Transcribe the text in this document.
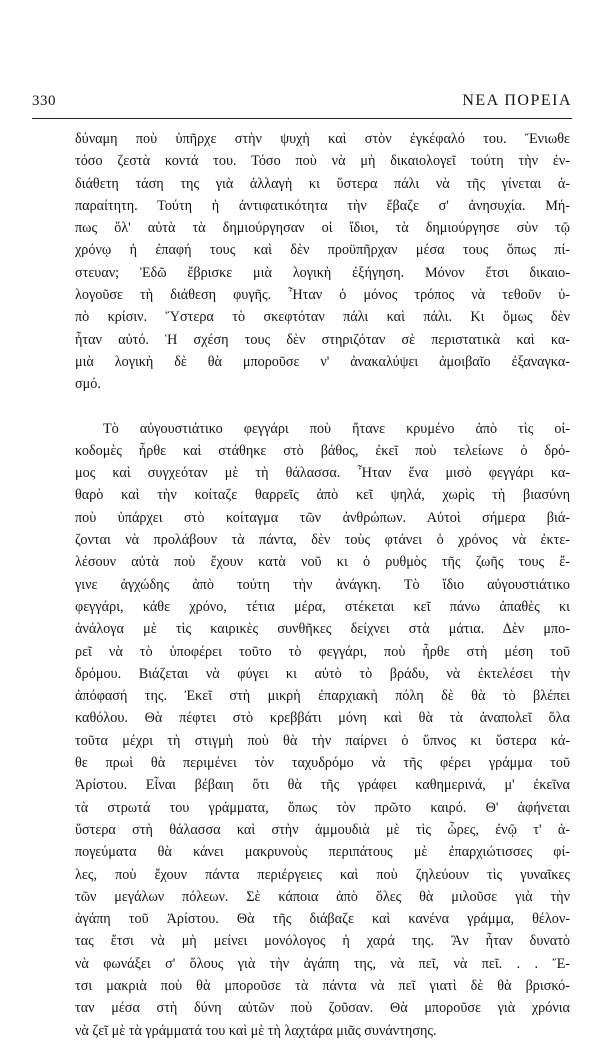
330	ΝΕΑ ΠΟΡΕΙΑ
δύναμη ποὺ ὑπῆρχε στὴν ψυχὴ καὶ στὸν ἐγκέφαλό του. Ἔνιωθε
τόσο ζεστὰ κοντά του. Τόσο ποὺ νὰ μὴ δικαιολογεῖ τούτη τὴν ἐν-
διάθετη τάση της γιὰ ἀλλαγὴ κι ὕστερα πάλι νὰ τῆς γίνεται ἀ-
παραίτητη. Τούτη ἡ ἀντιφατικότητα τὴν ἔβαζε σ' ἀνησυχία. Μή-
πως ὅλ' αὐτὰ τὰ δημιούργησαν οἱ ἴδιοι, τὰ δημιούργησε σὺν τῷ
χρόνῳ ἡ ἐπαφή τους καὶ δὲν προϋπῆρχαν μέσα τους ὅπως πί-
στευαν; Ἐδῶ ἔβρισκε μιὰ λογικὴ ἐξήγηση. Μόνον ἔτσι δικαιο-
λογοῦσε τὴ διάθεση φυγῆς. Ἦταν ὁ μόνος τρόπος νὰ τεθοῦν ὑ-
πὸ κρίσιν. Ὕστερα τὸ σκεφτόταν πάλι καὶ πάλι. Κι ὅμως δὲν
ἦταν αὐτό. Ἡ σχέση τους δὲν στηριζόταν σὲ περιστατικὰ καὶ κα-
μιὰ λογικὴ δὲ θὰ μποροῦσε ν' ἀνακαλύψει ἀμοιβαῖο ἐξαναγκα-
σμό.
Τὸ αὐγουστιάτικο φεγγάρι ποὺ ἤτανε κρυμένο ἀπὸ τὶς οἰ-
κοδομὲς ἦρθε καὶ στάθηκε στὸ βάθος, ἐκεῖ ποὺ τελείωνε ὁ δρό-
μος καὶ συγχεόταν μὲ τὴ θάλασσα. Ἦταν ἕνα μισὸ φεγγάρι κα-
θαρὸ καὶ τὴν κοίταζε θαρρεῖς ἀπὸ κεῖ ψηλά, χωρὶς τὴ βιασύνη
ποὺ ὑπάρχει στὸ κοίταγμα τῶν ἀνθρώπων. Αὐτοὶ σήμερα βιά-
ζονται νὰ προλάβουν τὰ πάντα, δὲν τοὺς φτάνει ὁ χρόνος νὰ ἐκτε-
λέσουν αὐτὰ ποὺ ἔχουν κατὰ νοῦ κι ὁ ρυθμὸς τῆς ζωῆς τους ἔ-
γινε ἀγχώδης ἀπὸ τούτη τὴν ἀνάγκη. Τὸ ἴδιο αὐγουστιάτικο
φεγγάρι, κάθε χρόνο, τέτια μέρα, στέκεται κεῖ πάνω ἀπαθὲς κι
ἀνάλογα μὲ τὶς καιρικὲς συνθῆκες δείχνει στὰ μάτια. Δὲν μπο-
ρεῖ νὰ τὸ ὑποφέρει τοῦτο τὸ φεγγάρι, ποὺ ἦρθε στὴ μέση τοῦ
δρόμου. Βιάζεται νὰ φύγει κι αὐτὸ τὸ βράδυ, νὰ ἐκτελέσει τὴν
ἀπόφασή της. Ἐκεῖ στὴ μικρὴ ἐπαρχιακὴ πόλη δὲ θὰ τὸ βλέπει
καθόλου. Θὰ πέφτει στὸ κρεββάτι μόνη καὶ θὰ τὰ ἀναπολεῖ ὅλα
τοῦτα μέχρι τὴ στιγμὴ ποὺ θὰ τὴν παίρνει ὁ ὕπνος κι ὕστερα κά-
θε πρωὶ θὰ περιμένει τὸν ταχυδρόμο νὰ τῆς φέρει γράμμα τοῦ
Ἀρίστου. Εἶναι βέβαιη ὅτι θὰ τῆς γράφει καθημερινά, μ' ἐκεῖνα
τὰ στρωτά του γράμματα, ὅπως τὸν πρῶτο καιρό. Θ' ἀφήνεται
ὕστερα στὴ θάλασσα καὶ στὴν ἀμμουδιὰ μὲ τὶς ὧρες, ἐνῷ τ' ἀ-
πογεύματα θὰ κάνει μακρυνοὺς περιπάτους μὲ ἐπαρχιώτισσες φί-
λες, ποὺ ἔχουν πάντα περιέργειες καὶ ποὺ ζηλεύουν τὶς γυναῖκες
τῶν μεγάλων πόλεων. Σὲ κάποια ἀπὸ ὅλες θὰ μιλοῦσε γιὰ τὴν
ἀγάπη τοῦ Ἀρίστου. Θὰ τῆς διάβαζε καὶ κανένα γράμμα, θέλον-
τας ἔτσι νὰ μὴ μείνει μονόλογος ἡ χαρά της. Ἂν ἦταν δυνατὸ
νὰ φωνάξει σ' ὅλους γιὰ τὴν ἀγάπη της, νὰ πεῖ, νὰ πεῖ. . . Ἔ-
τσι μακριὰ ποὺ θὰ μποροῦσε τὰ πάντα νὰ πεῖ γιατὶ δὲ θὰ βρισκό-
ταν μέσα στὴ δύνη αὐτῶν ποὺ ζοῦσαν. Θὰ μποροῦσε γιὰ χρόνια
νὰ ζεῖ μὲ τὰ γράμματά του καὶ μὲ τὴ λαχτάρα μιᾶς συνάντησης.
